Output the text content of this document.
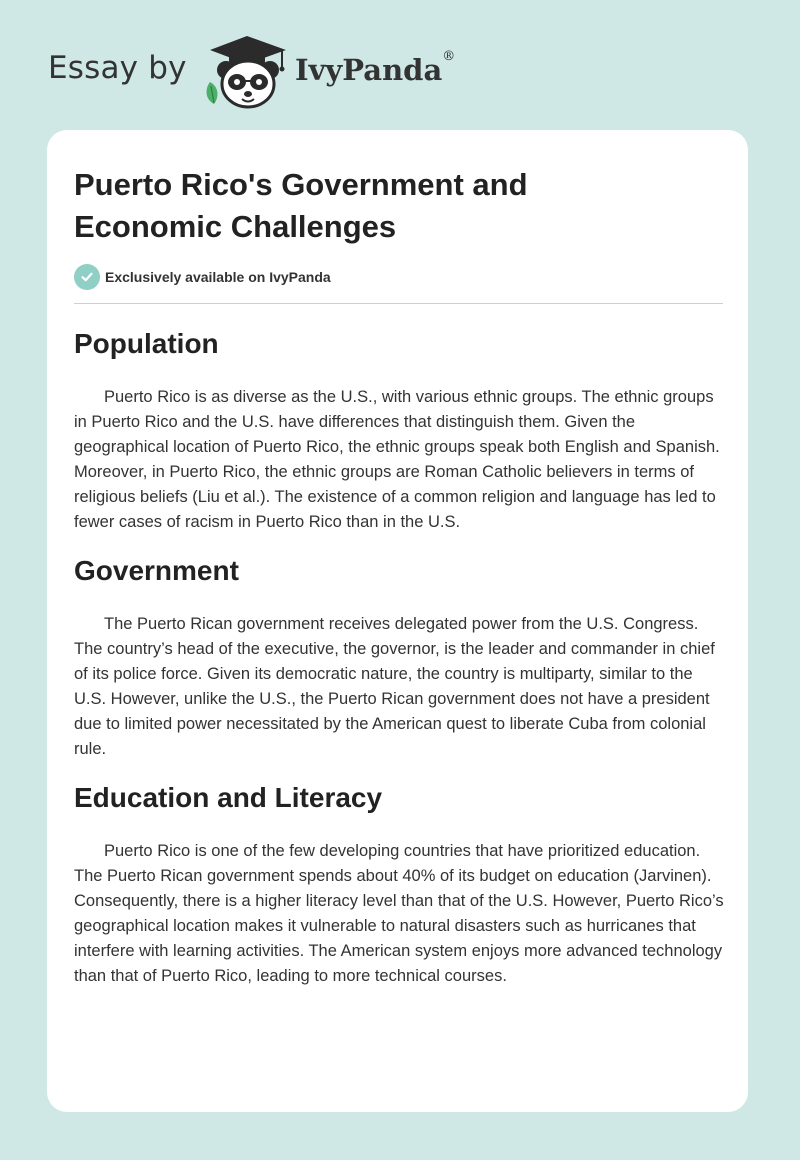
Essay by	IvyPanda®
Puerto Rico's Government and Economic Challenges
Exclusively available on IvyPanda
Population

Puerto Rico is as diverse as the U.S., with various ethnic groups. The ethnic groups in Puerto Rico and the U.S. have differences that distinguish them. Given the geographical location of Puerto Rico, the ethnic groups speak both English and Spanish. Moreover, in Puerto Rico, the ethnic groups are Roman Catholic believers in terms of religious beliefs (Liu et al.). The existence of a common religion and language has led to fewer cases of racism in Puerto Rico than in the U.S.

Government

The Puerto Rican government receives delegated power from the U.S. Congress. The country’s head of the executive, the governor, is the leader and commander in chief of its police force. Given its democratic nature, the country is multiparty, similar to the U.S. However, unlike the U.S., the Puerto Rican government does not have a president due to limited power necessitated by the American quest to liberate Cuba from colonial rule.

Education and Literacy

Puerto Rico is one of the few developing countries that have prioritized education. The Puerto Rican government spends about 40% of its budget on education (Jarvinen). Consequently, there is a higher literacy level than that of the U.S. However, Puerto Rico’s geographical location makes it vulnerable to natural disasters such as hurricanes that interfere with learning activities. The American system enjoys more advanced technology than that of Puerto Rico, leading to more technical courses.
